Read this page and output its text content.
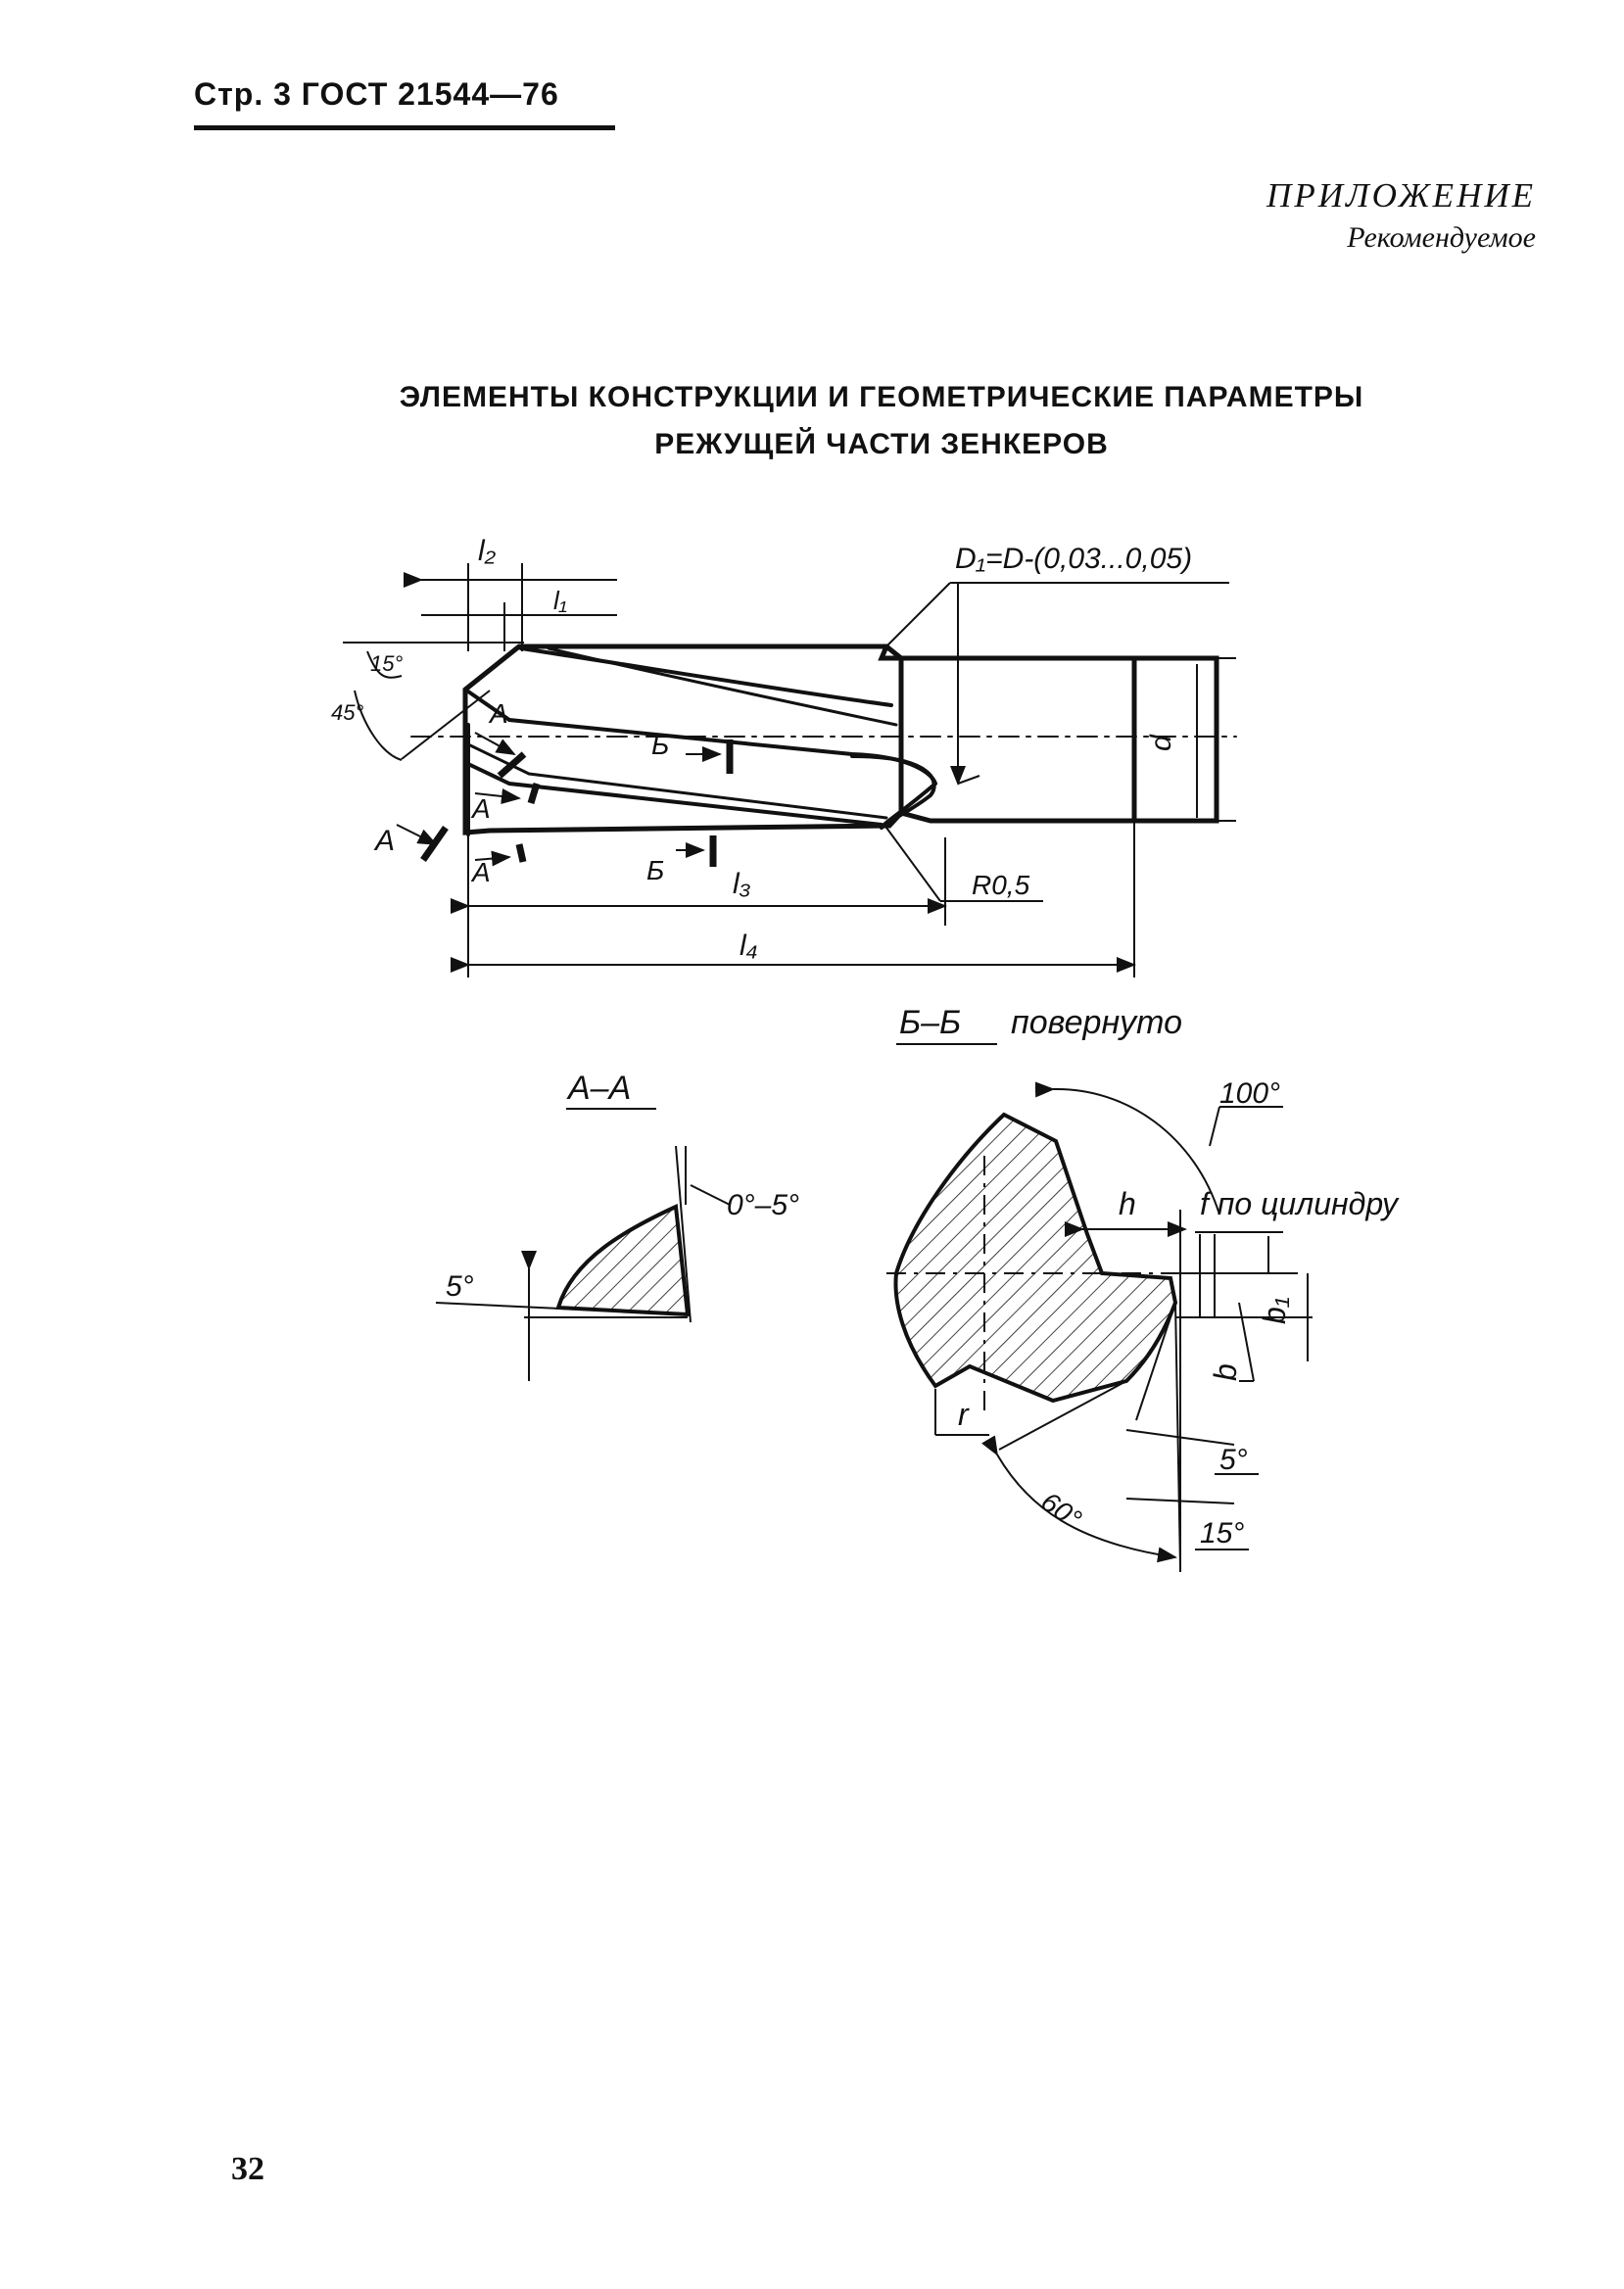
Стр. 3 ГОСТ 21544—76
ПРИЛОЖЕНИЕ
Рекомендуемое
ЭЛЕМЕНТЫ КОНСТРУКЦИИ И ГЕОМЕТРИЧЕСКИЕ ПАРАМЕТРЫ
РЕЖУЩЕЙ ЧАСТИ ЗЕНКЕРОВ
l₂
l₁
15°
45°
D₁=D-(0,03...0,05)
d
A
Б
A
A
A	Б l₃
l₄
R0,5
А–А
0°–5°
5°
Б–Б повернуто
100°
h f по цилиндру
b₁
b
r
60°
5°
15°
32
